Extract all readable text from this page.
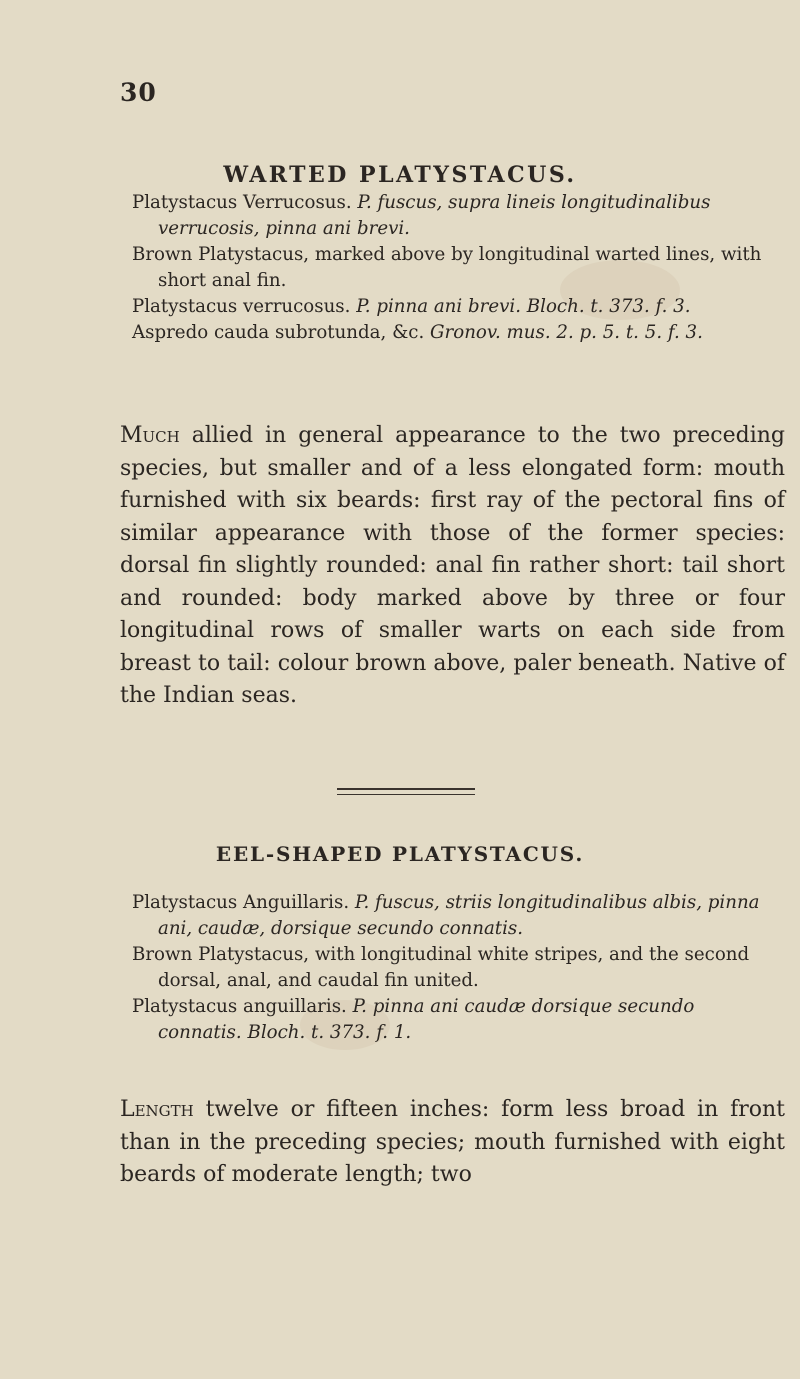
30
WARTED PLATYSTACUS.

Platystacus Verrucosus. P. fuscus, supra lineis longitudinalibus verrucosis, pinna ani brevi.

Brown Platystacus, marked above by longitudinal warted lines, with short anal fin.

Platystacus verrucosus. P. pinna ani brevi. Bloch. t. 373. f. 3.

Aspredo cauda subrotunda, &c. Gronov. mus. 2. p. 5. t. 5. f. 3.

Much allied in general appearance to the two preceding species, but smaller and of a less elongated form: mouth furnished with six beards: first ray of the pectoral fins of similar appearance with those of the former species: dorsal fin slightly rounded: anal fin rather short: tail short and rounded: body marked above by three or four longitudinal rows of smaller warts on each side from breast to tail: colour brown above, paler beneath. Native of the Indian seas.

EEL-SHAPED PLATYSTACUS.

Platystacus Anguillaris. P. fuscus, striis longitudinalibus albis, pinna ani, caudæ, dorsique secundo connatis.

Brown Platystacus, with longitudinal white stripes, and the second dorsal, anal, and caudal fin united.

Platystacus anguillaris. P. pinna ani caudæ dorsique secundo connatis. Bloch. t. 373. f. 1.

Length twelve or fifteen inches: form less broad in front than in the preceding species; mouth furnished with eight beards of moderate length; two
